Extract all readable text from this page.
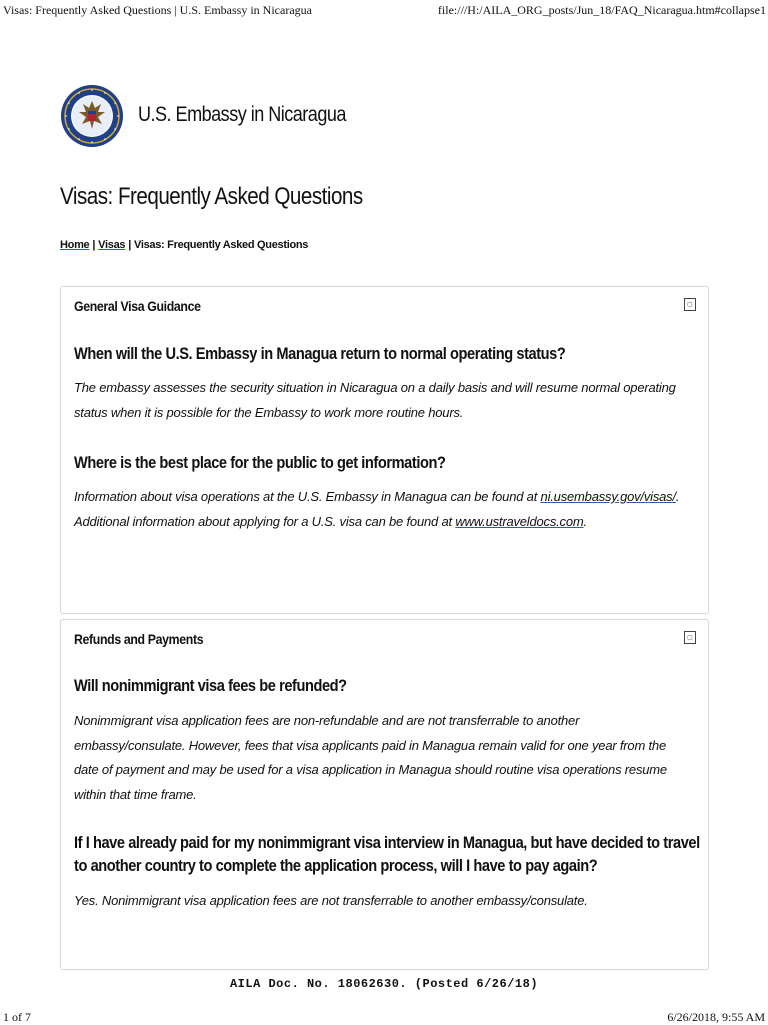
Visas: Frequently Asked Questions | U.S. Embassy in Nicaragua	file:///H:/AILA_ORG_posts/Jun_18/FAQ_Nicaragua.htm#collapse1
U.S. Embassy in Nicaragua
Visas: Frequently Asked Questions
Home | Visas | Visas: Frequently Asked Questions
General Visa Guidance	▢
When will the U.S. Embassy in Managua return to normal operating status?
The embassy assesses the security situation in Nicaragua on a daily basis and will resume normal operating status when it is possible for the Embassy to work more routine hours.
Where is the best place for the public to get information?
Information about visa operations at the U.S. Embassy in Managua can be found at ni.usembassy.gov/visas/. Additional information about applying for a U.S. visa can be found at www.ustraveldocs.com.
Refunds and Payments	▢
Will nonimmigrant visa fees be refunded?
Nonimmigrant visa application fees are non-refundable and are not transferrable to another embassy/consulate. However, fees that visa applicants paid in Managua remain valid for one year from the date of payment and may be used for a visa application in Managua should routine visa operations resume within that time frame.
If I have already paid for my nonimmigrant visa interview in Managua, but have decided to travel to another country to complete the application process, will I have to pay again?
Yes. Nonimmigrant visa application fees are not transferrable to another embassy/consulate.
AILA Doc. No. 18062630. (Posted 6/26/18)
1 of 7	6/26/2018, 9:55 AM
